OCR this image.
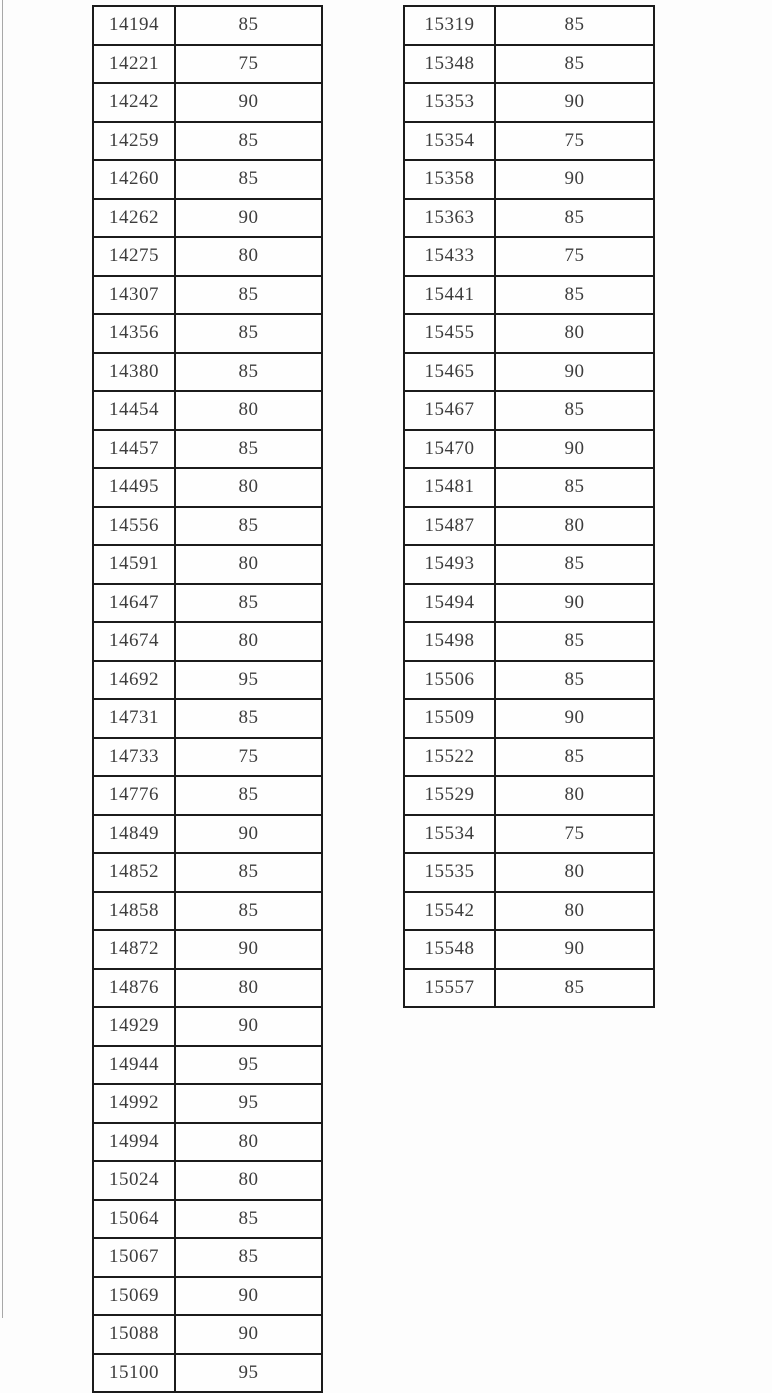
14194	85
14221	75
14242	90
14259	85
14260	85
14262	90
14275	80
14307	85
14356	85
14380	85
14454	80
14457	85
14495	80
14556	85
14591	80
14647	85
14674	80
14692	95
14731	85
14733	75
14776	85
14849	90
14852	85
14858	85
14872	90
14876	80
14929	90
14944	95
14992	95
14994	80
15024	80
15064	85
15067	85
15069	90
15088	90
15100	95
15319	85
15348	85
15353	90
15354	75
15358	90
15363	85
15433	75
15441	85
15455	80
15465	90
15467	85
15470	90
15481	85
15487	80
15493	85
15494	90
15498	85
15506	85
15509	90
15522	85
15529	80
15534	75
15535	80
15542	80
15548	90
15557	85
